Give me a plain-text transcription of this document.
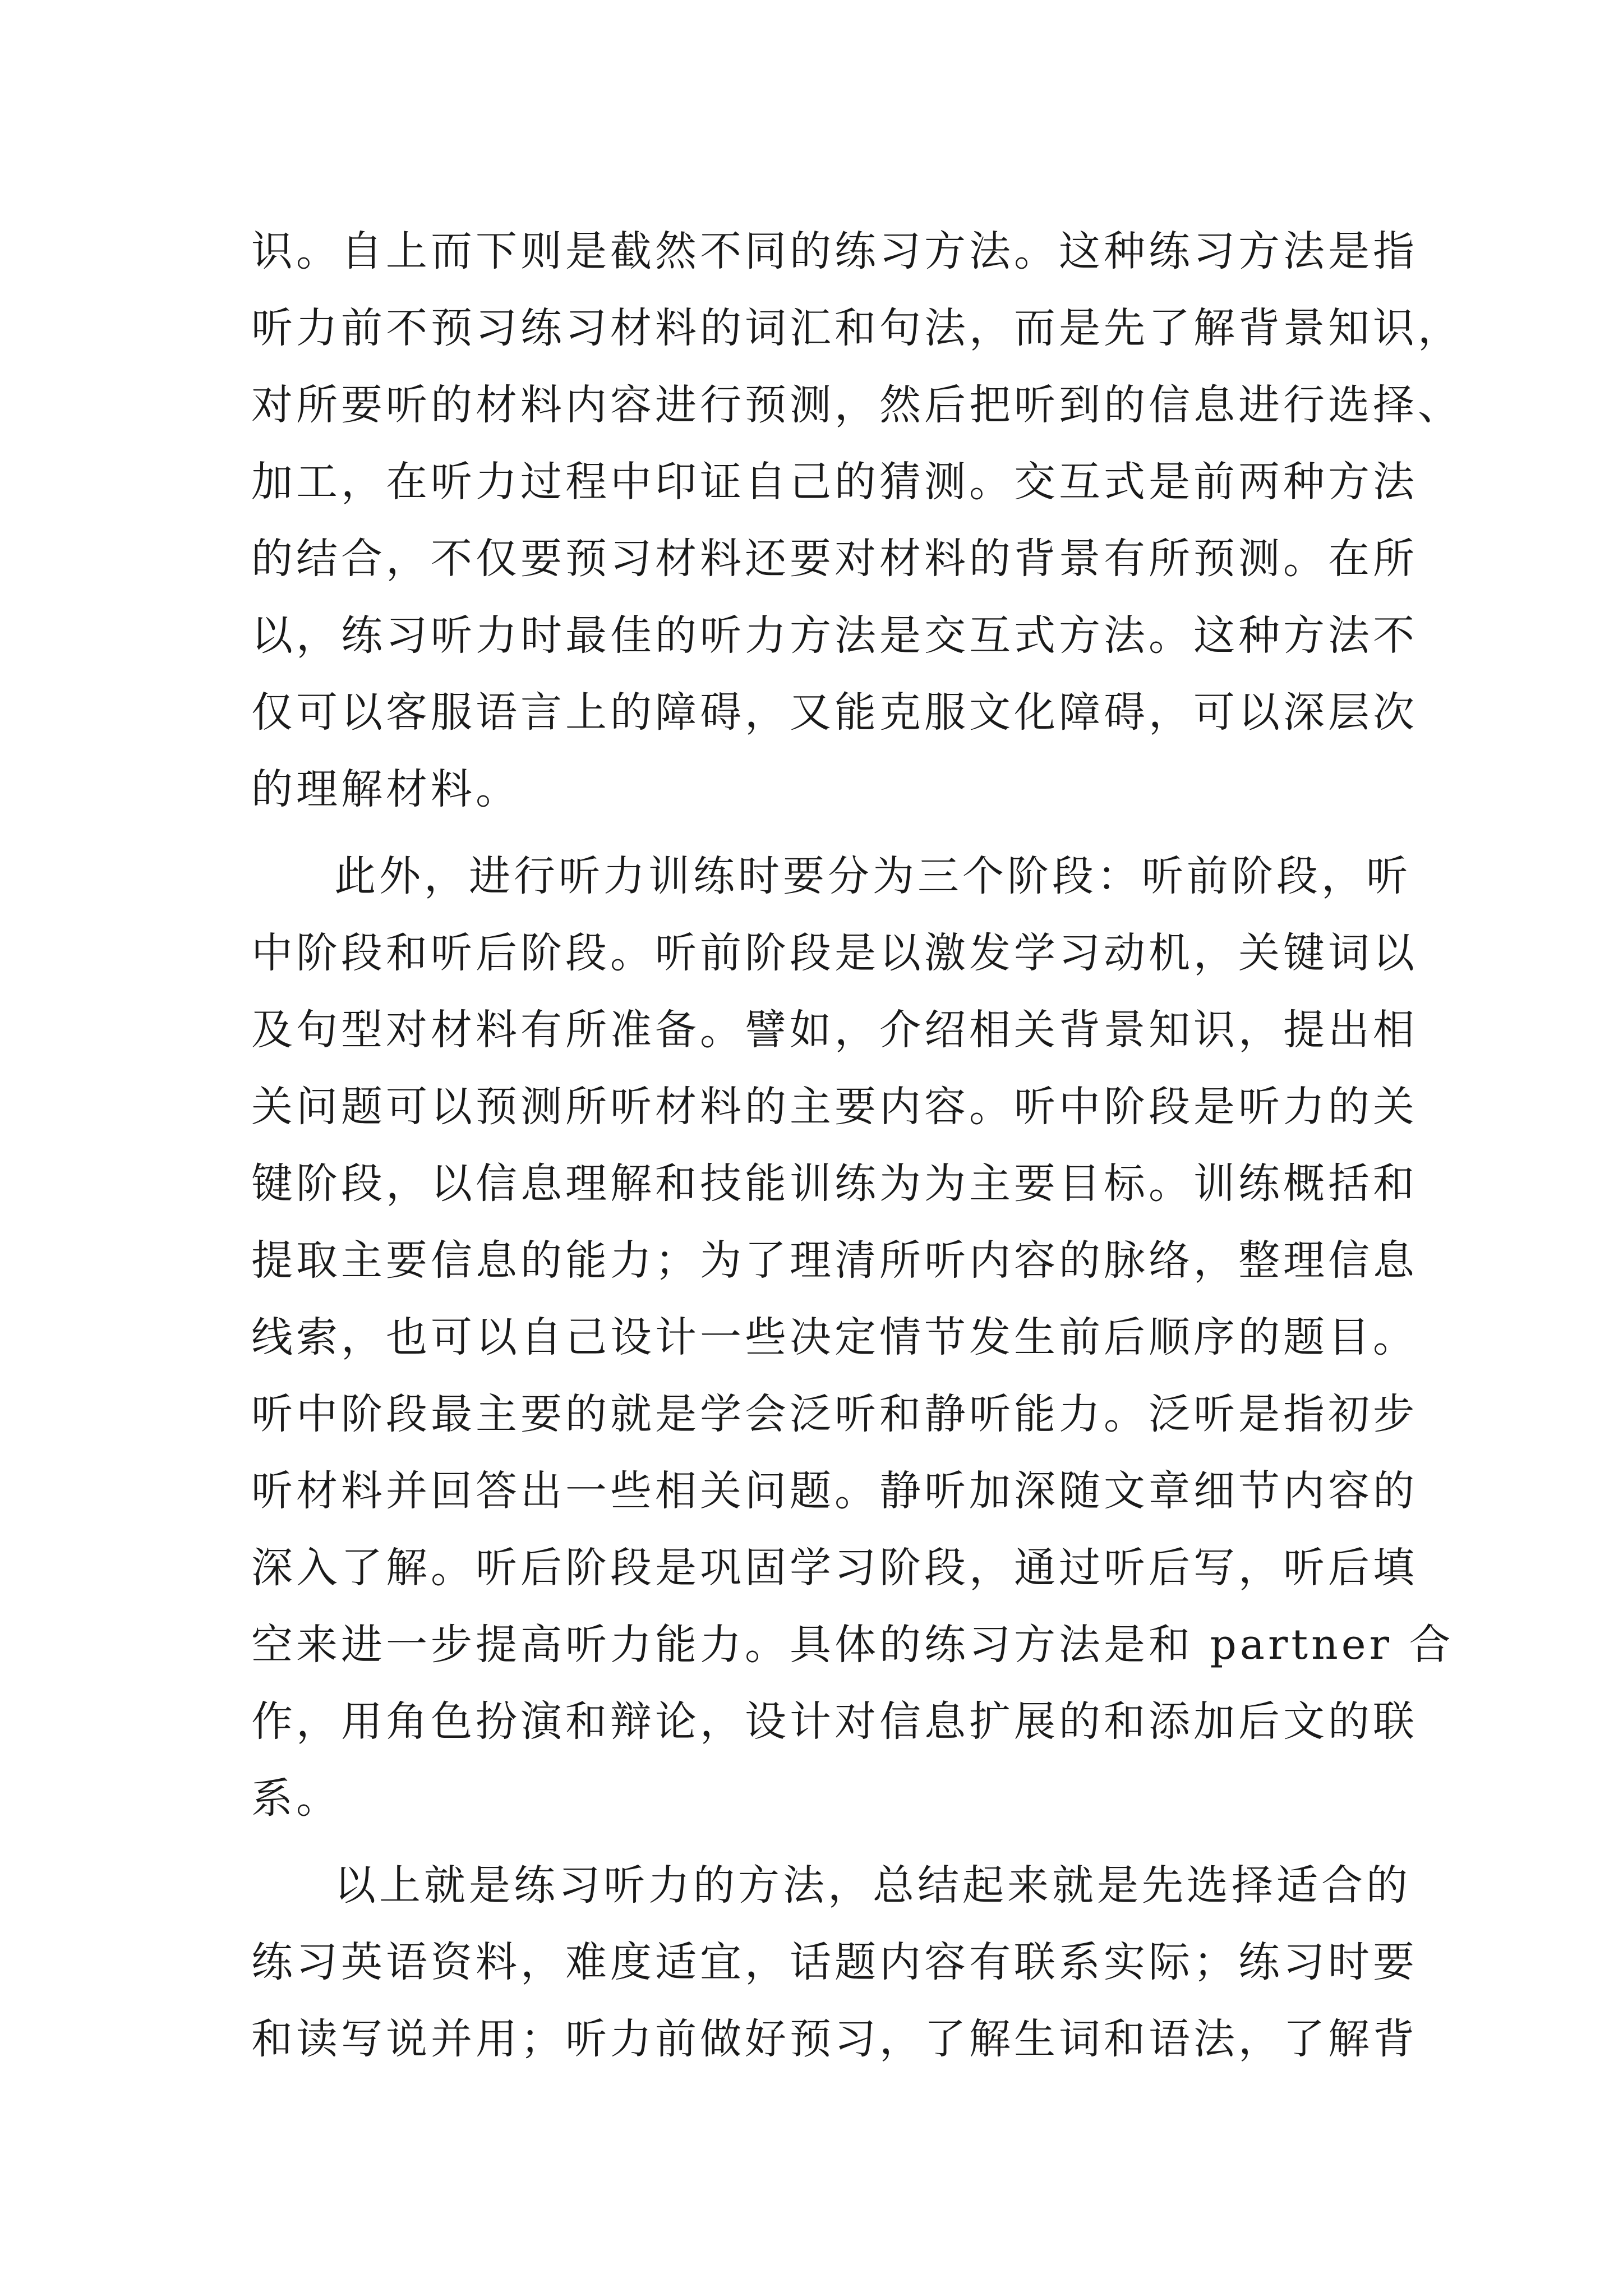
识。自上而下则是截然不同的练习方法。这种练习方法是指
听力前不预习练习材料的词汇和句法，而是先了解背景知识，
对所要听的材料内容进行预测，然后把听到的信息进行选择、
加工，在听力过程中印证自己的猜测。交互式是前两种方法
的结合，不仅要预习材料还要对材料的背景有所预测。在所
以，练习听力时最佳的听力方法是交互式方法。这种方法不
仅可以客服语言上的障碍，又能克服文化障碍，可以深层次
的理解材料。
此外，进行听力训练时要分为三个阶段：听前阶段，听
中阶段和听后阶段。听前阶段是以激发学习动机，关键词以
及句型对材料有所准备。譬如，介绍相关背景知识，提出相
关问题可以预测所听材料的主要内容。听中阶段是听力的关
键阶段，以信息理解和技能训练为为主要目标。训练概括和
提取主要信息的能力；为了理清所听内容的脉络，整理信息
线索，也可以自己设计一些决定情节发生前后顺序的题目。
听中阶段最主要的就是学会泛听和静听能力。泛听是指初步
听材料并回答出一些相关问题。静听加深随文章细节内容的
深入了解。听后阶段是巩固学习阶段，通过听后写，听后填
空来进一步提高听力能力。具体的练习方法是和 partner 合
作，用角色扮演和辩论，设计对信息扩展的和添加后文的联
系。
以上就是练习听力的方法，总结起来就是先选择适合的
练习英语资料，难度适宜，话题内容有联系实际；练习时要
和读写说并用；听力前做好预习，了解生词和语法，了解背
